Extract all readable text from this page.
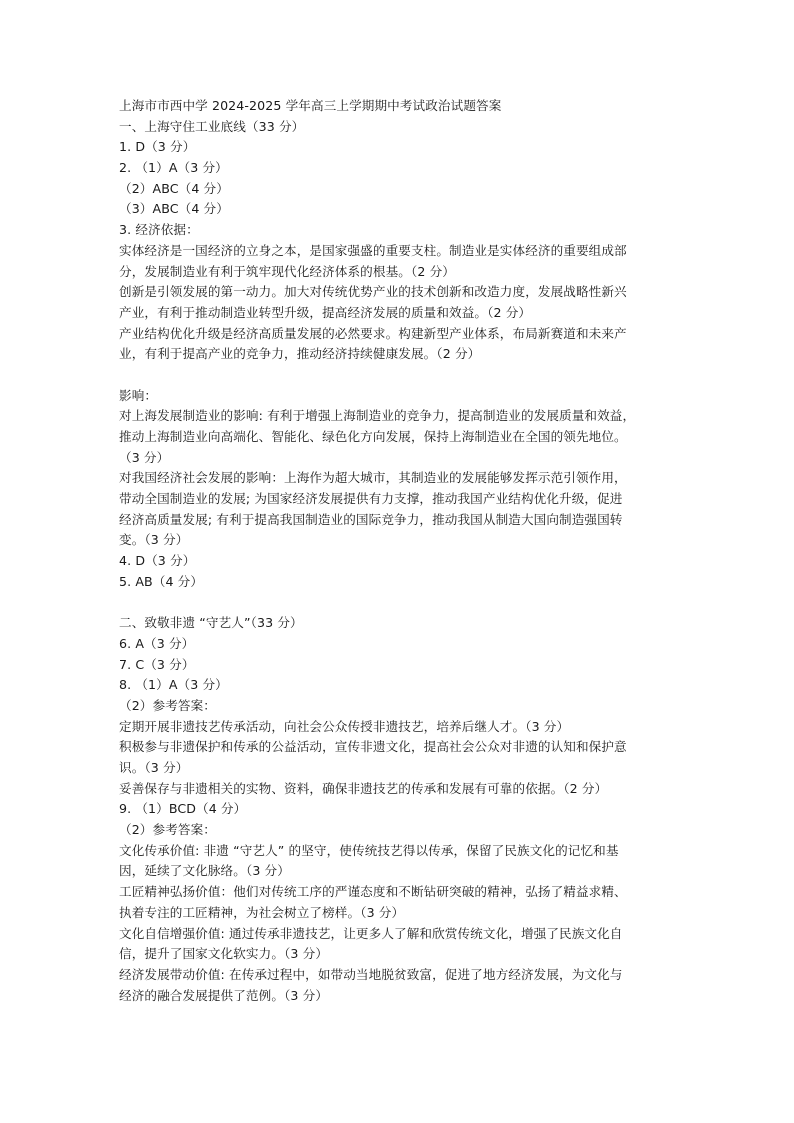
上海市市西中学 2024-2025 学年高三上学期期中考试政治试题答案
一、上海守住工业底线（33 分）
1. D（3 分）
2. （1）A（3 分）
（2）ABC（4 分）
（3）ABC（4 分）
3. 经济依据：
实体经济是一国经济的立身之本，是国家强盛的重要支柱。制造业是实体经济的重要组成部
分，发展制造业有利于筑牢现代化经济体系的根基。（2 分）
创新是引领发展的第一动力。加大对传统优势产业的技术创新和改造力度，发展战略性新兴
产业，有利于推动制造业转型升级，提高经济发展的质量和效益。（2 分）
产业结构优化升级是经济高质量发展的必然要求。构建新型产业体系，布局新赛道和未来产
业，有利于提高产业的竞争力，推动经济持续健康发展。（2 分）
影响：
对上海发展制造业的影响: 有利于增强上海制造业的竞争力，提高制造业的发展质量和效益，
推动上海制造业向高端化、智能化、绿色化方向发展，保持上海制造业在全国的领先地位。
（3 分）
对我国经济社会发展的影响：上海作为超大城市，其制造业的发展能够发挥示范引领作用，
带动全国制造业的发展; 为国家经济发展提供有力支撑，推动我国产业结构优化升级，促进
经济高质量发展; 有利于提高我国制造业的国际竞争力，推动我国从制造大国向制造强国转
变。（3 分）
4. D（3 分）
5. AB（4 分）
二、致敬非遗 “守艺人”（33 分）
6. A（3 分）
7. C（3 分）
8. （1）A（3 分）
（2）参考答案：
定期开展非遗技艺传承活动，向社会公众传授非遗技艺，培养后继人才。（3 分）
积极参与非遗保护和传承的公益活动，宣传非遗文化，提高社会公众对非遗的认知和保护意
识。（3 分）
妥善保存与非遗相关的实物、资料，确保非遗技艺的传承和发展有可靠的依据。（2 分）
9. （1）BCD（4 分）
（2）参考答案：
文化传承价值: 非遗 “守艺人” 的坚守，使传统技艺得以传承，保留了民族文化的记忆和基
因，延续了文化脉络。（3 分）
工匠精神弘扬价值：他们对传统工序的严谨态度和不断钻研突破的精神，弘扬了精益求精、
执着专注的工匠精神，为社会树立了榜样。（3 分）
文化自信增强价值: 通过传承非遗技艺，让更多人了解和欣赏传统文化，增强了民族文化自
信，提升了国家文化软实力。（3 分）
经济发展带动价值: 在传承过程中，如带动当地脱贫致富，促进了地方经济发展，为文化与
经济的融合发展提供了范例。（3 分）
